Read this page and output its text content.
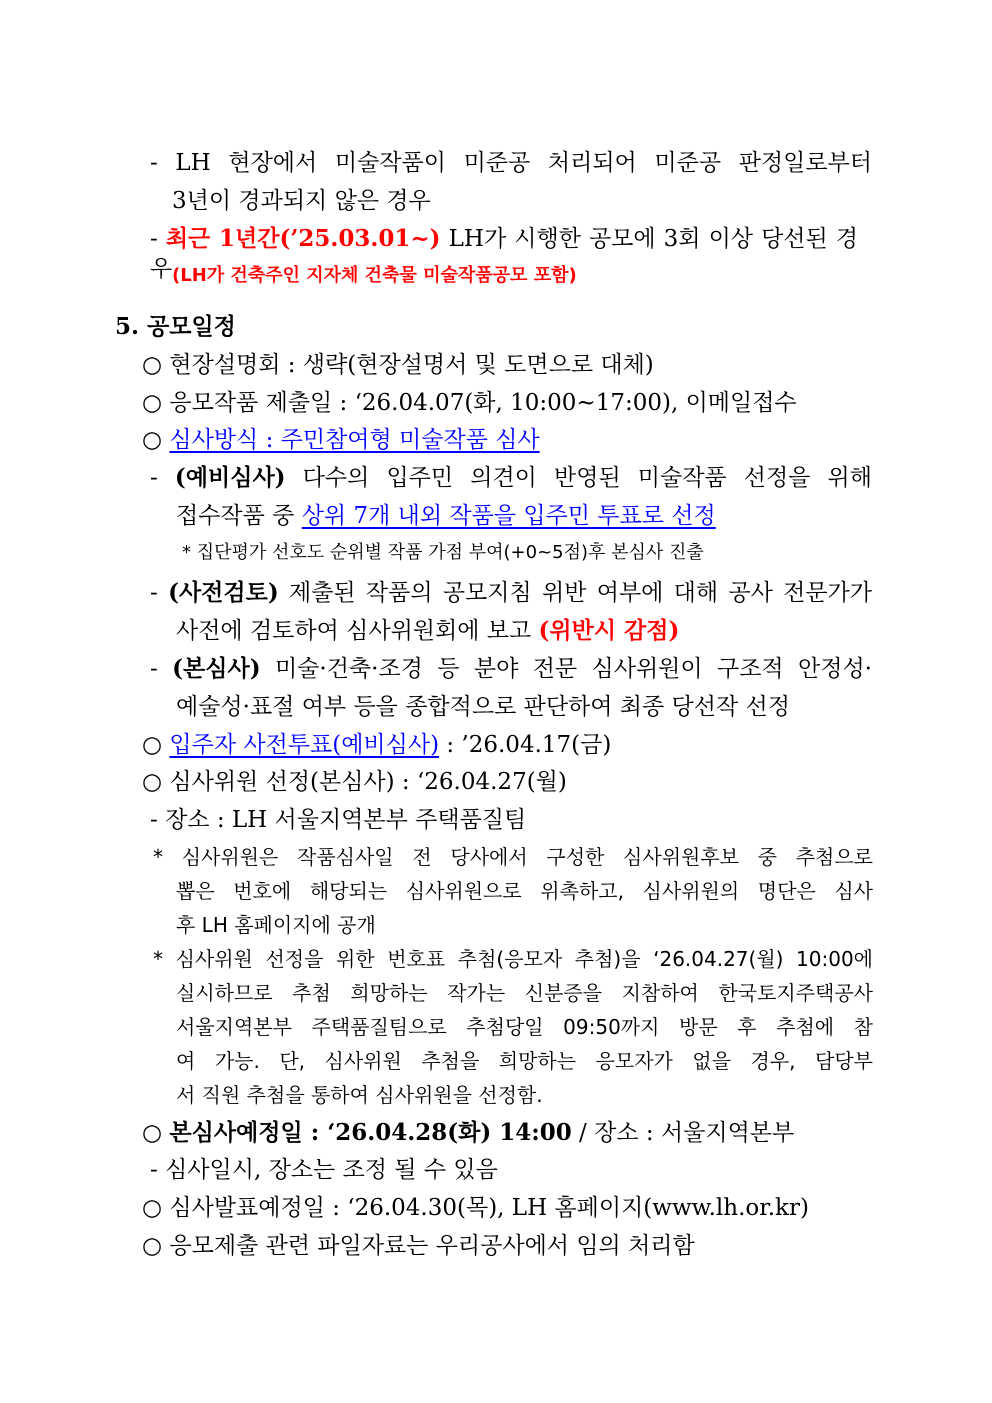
- LH 현장에서 미술작품이 미준공 처리되어 미준공 판정일로부터
3년이 경과되지 않은 경우
- 최근 1년간(’25.03.01~) LH가 시행한 공모에 3회 이상 당선된 경우 (LH가 건축주인 지자체 건축물 미술작품공모 포함)
5. 공모일정
○ 현장설명회 : 생략(현장설명서 및 도면으로 대체)
○ 응모작품 제출일 : ‘26.04.07(화, 10:00~17:00), 이메일접수
○ 심사방식 : 주민참여형 미술작품 심사
- (예비심사) 다수의 입주민 의견이 반영된 미술작품 선정을 위해
접수작품 중 상위 7개 내외 작품을 입주민 투표로 선정
* 집단평가 선호도 순위별 작품 가점 부여(+0~5점)후 본심사 진출
- (사전검토) 제출된 작품의 공모지침 위반 여부에 대해 공사 전문가가
사전에 검토하여 심사위원회에 보고 (위반시 감점)
- (본심사) 미술·건축·조경 등 분야 전문 심사위원이 구조적 안정성·
예술성·표절 여부 등을 종합적으로 판단하여 최종 당선작 선정
○ 입주자 사전투표(예비심사) : ’26.04.17(금)
○ 심사위원 선정(본심사) : ‘26.04.27(월)
- 장소 : LH 서울지역본부 주택품질팀
* 심사위원은 작품심사일 전 당사에서 구성한 심사위원후보 중 추첨으로
뽑은 번호에 해당되는 심사위원으로 위촉하고, 심사위원의 명단은 심사
후 LH 홈페이지에 공개
* 심사위원 선정을 위한 번호표 추첨(응모자 추첨)을 ‘26.04.27(월) 10:00에
실시하므로 추첨 희망하는 작가는 신분증을 지참하여 한국토지주택공사
서울지역본부 주택품질팀으로 추첨당일 09:50까지 방문 후 추첨에 참
여 가능. 단, 심사위원 추첨을 희망하는 응모자가 없을 경우, 담당부
서 직원 추첨을 통하여 심사위원을 선정함.
○ 본심사예정일 : ‘26.04.28(화) 14:00 / 장소 : 서울지역본부
- 심사일시, 장소는 조정 될 수 있음
○ 심사발표예정일 : ‘26.04.30(목), LH 홈페이지(www.lh.or.kr)
○ 응모제출 관련 파일자료는 우리공사에서 임의 처리함
